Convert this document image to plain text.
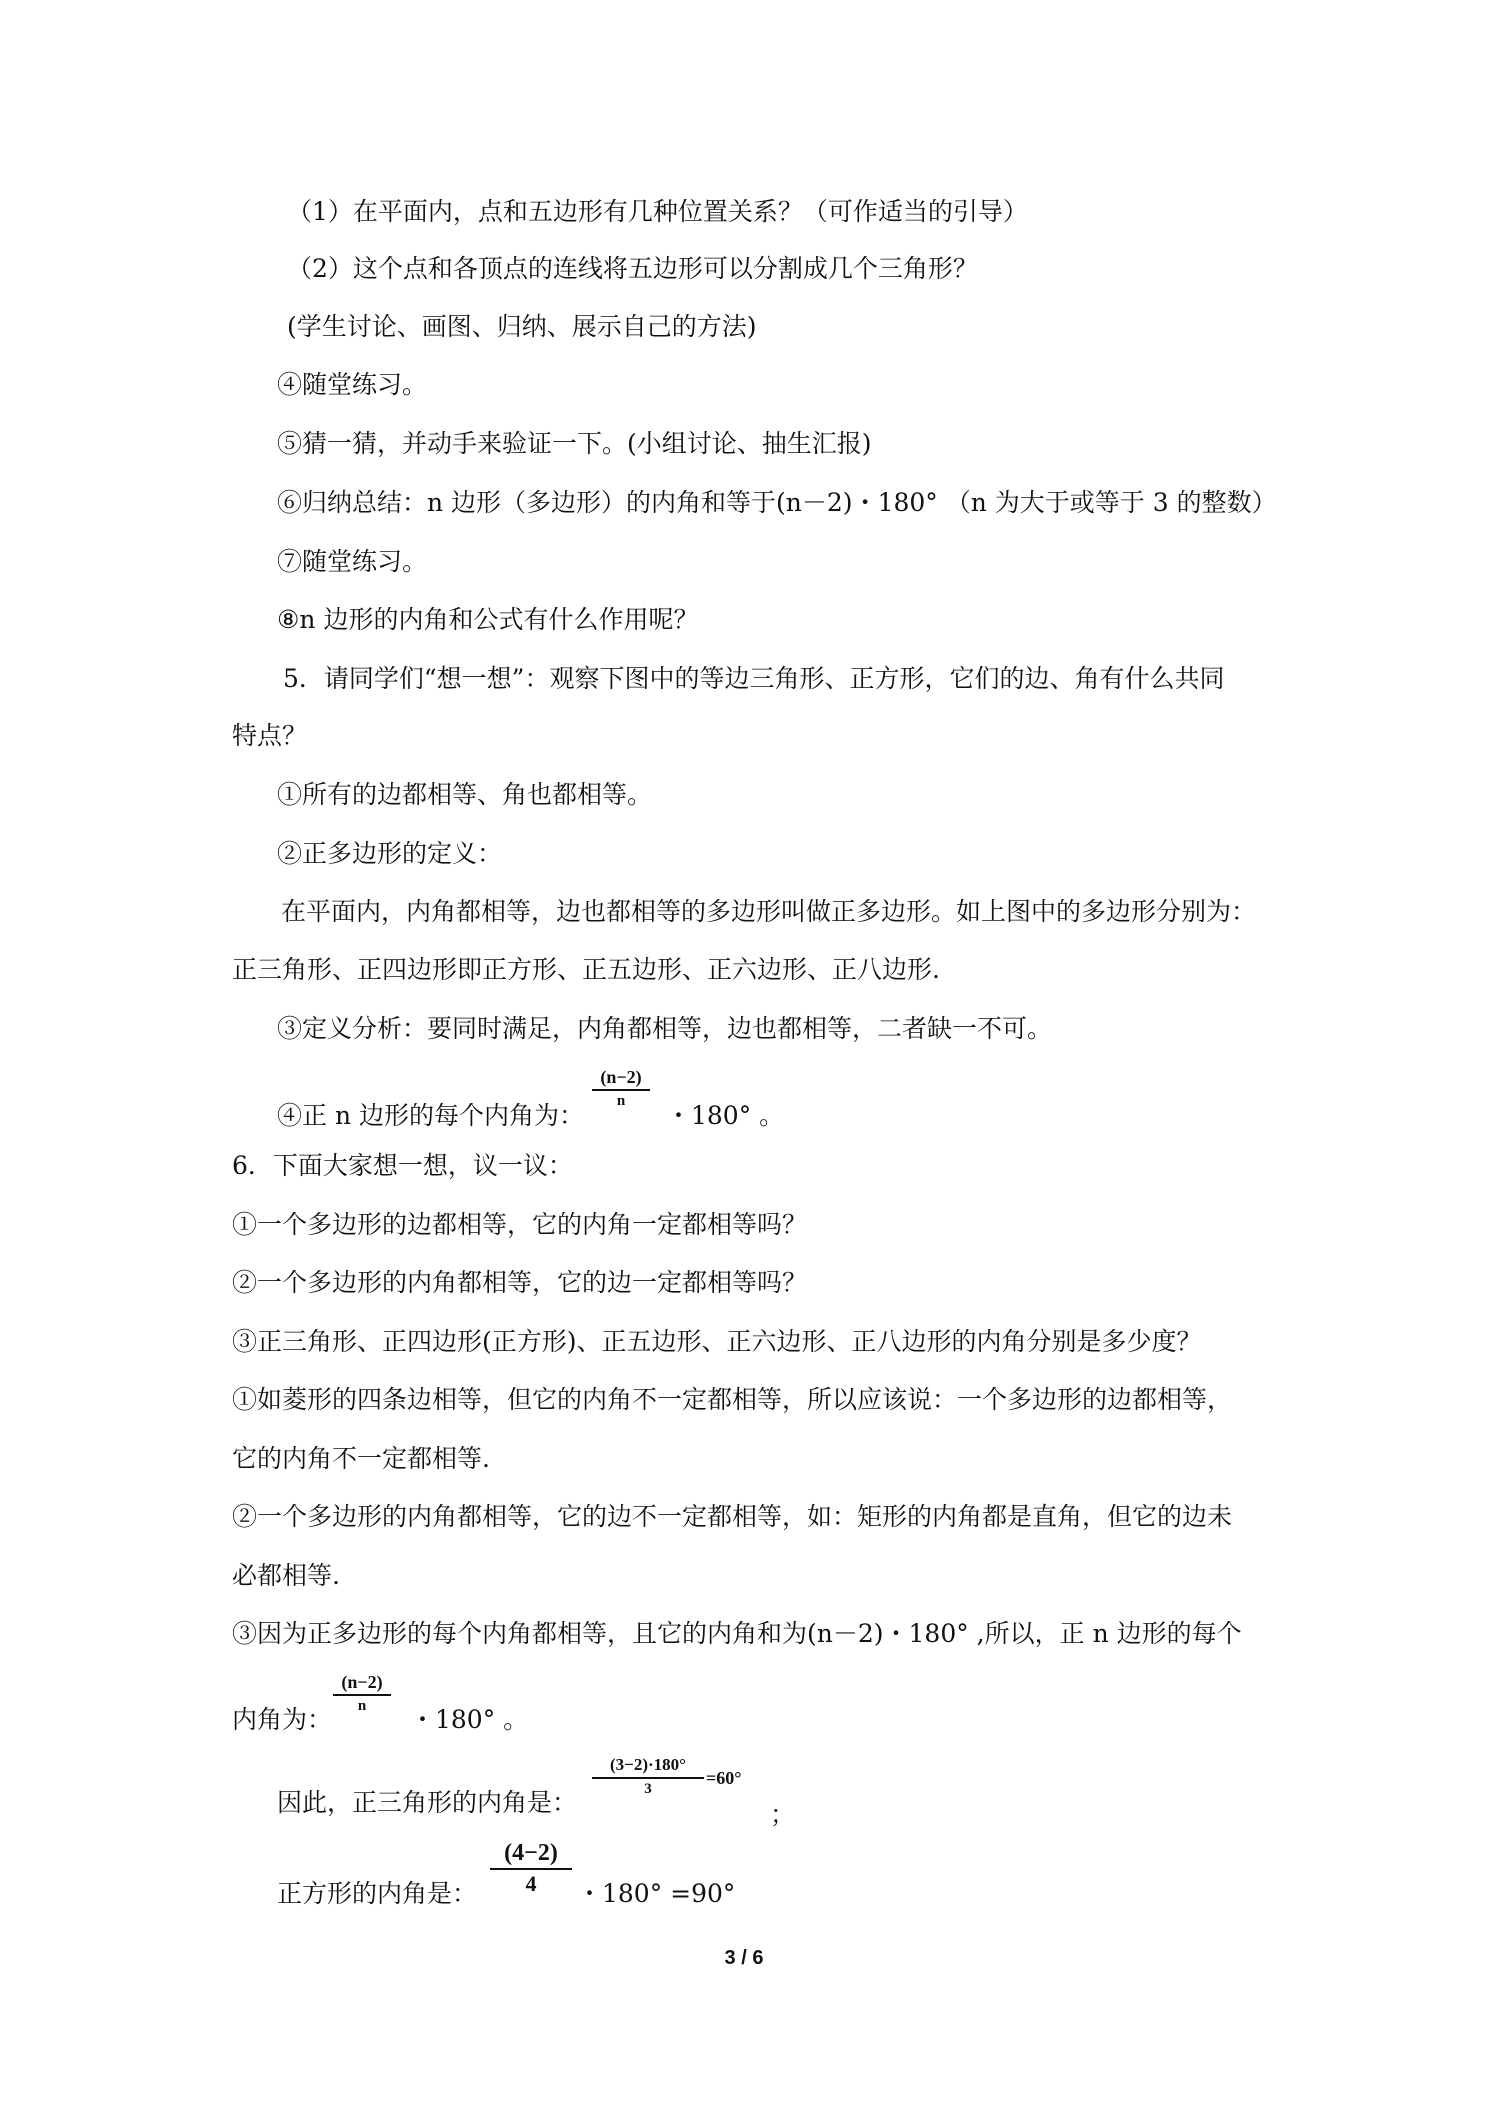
（1）在平面内，点和五边形有几种位置关系？（可作适当的引导）
（2）这个点和各顶点的连线将五边形可以分割成几个三角形？
(学生讨论、画图、归纳、展示自己的方法)
④随堂练习。
⑤猜一猜，并动手来验证一下。(小组讨论、抽生汇报)
⑥归纳总结：n 边形（多边形）的内角和等于(n－2)・180° （n 为大于或等于 3 的整数）
⑦随堂练习。
⑧n 边形的内角和公式有什么作用呢？
5．请同学们“想一想”：观察下图中的等边三角形、正方形，它们的边、角有什么共同
特点？
①所有的边都相等、角也都相等。
②正多边形的定义：
在平面内，内角都相等，边也都相等的多边形叫做正多边形。如上图中的多边形分别为：
正三角形、正四边形即正方形、正五边形、正六边形、正八边形.
③定义分析：要同时满足，内角都相等，边也都相等，二者缺一不可。
④正 n 边形的每个内角为：
(n−2)
n	・180° 。
6．下面大家想一想，议一议：
①一个多边形的边都相等，它的内角一定都相等吗？
②一个多边形的内角都相等，它的边一定都相等吗？
③正三角形、正四边形(正方形)、正五边形、正六边形、正八边形的内角分别是多少度？
①如菱形的四条边相等，但它的内角不一定都相等，所以应该说：一个多边形的边都相等，
它的内角不一定都相等.
②一个多边形的内角都相等，它的边不一定都相等，如：矩形的内角都是直角，但它的边未
必都相等.
③因为正多边形的每个内角都相等，且它的内角和为(n－2)・180° ,所以，正 n 边形的每个
内角为：
(n−2)
n	・180° 。
因此，正三角形的内角是：
(3−2)·180°
3
=60°
；
正方形的内角是：
(4−2)
4	・180° =90°
3 / 6
